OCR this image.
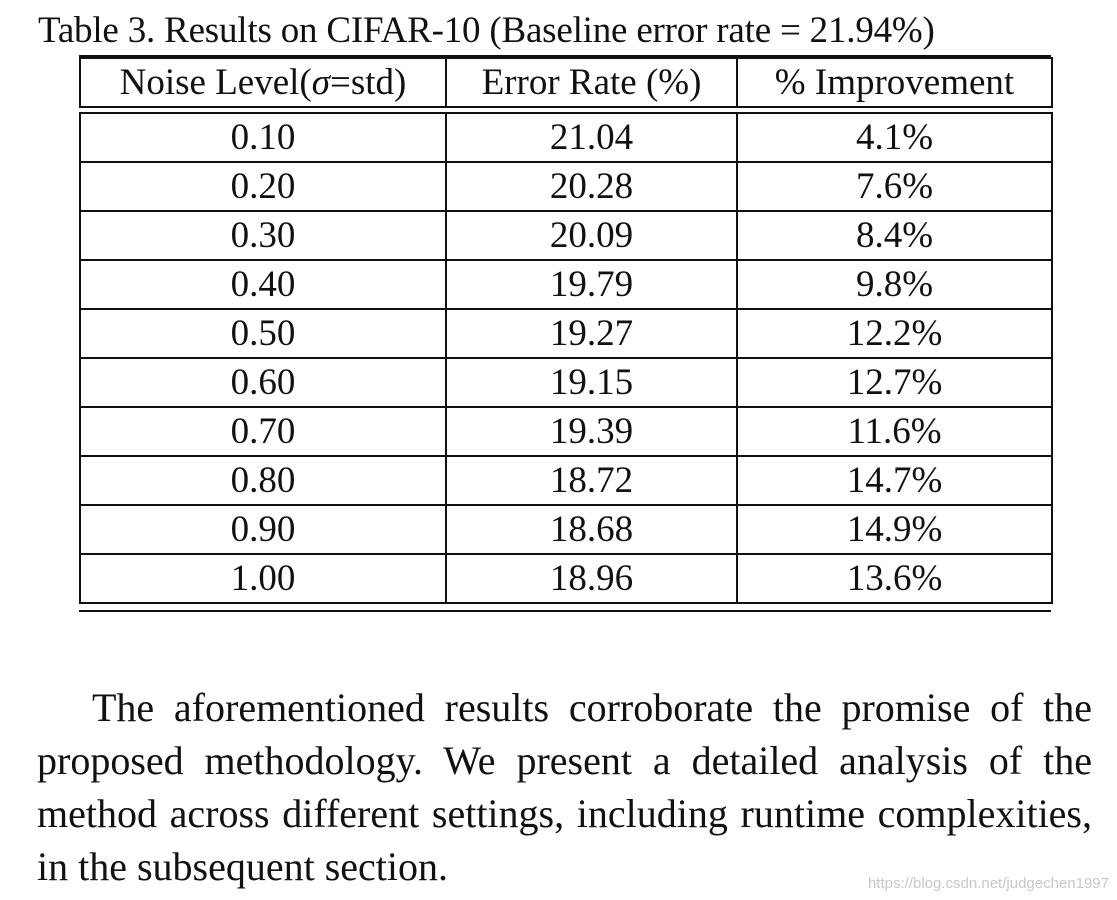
Table 3. Results on CIFAR-10 (Baseline error rate = 21.94%)
Noise Level(σ=std)	Error Rate (%)	% Improvement

0.10	21.04	4.1%
0.20	20.28	7.6%
0.30	20.09	8.4%
0.40	19.79	9.8%
0.50	19.27	12.2%
0.60	19.15	12.7%
0.70	19.39	11.6%
0.80	18.72	14.7%
0.90	18.68	14.9%
1.00	18.96	13.6%
The aforementioned results corroborate the promise of the proposed methodology. We present a detailed analysis of the method across different settings, including runtime complexities, in the subsequent section.	https://blog.csdn.net/judgechen1997
